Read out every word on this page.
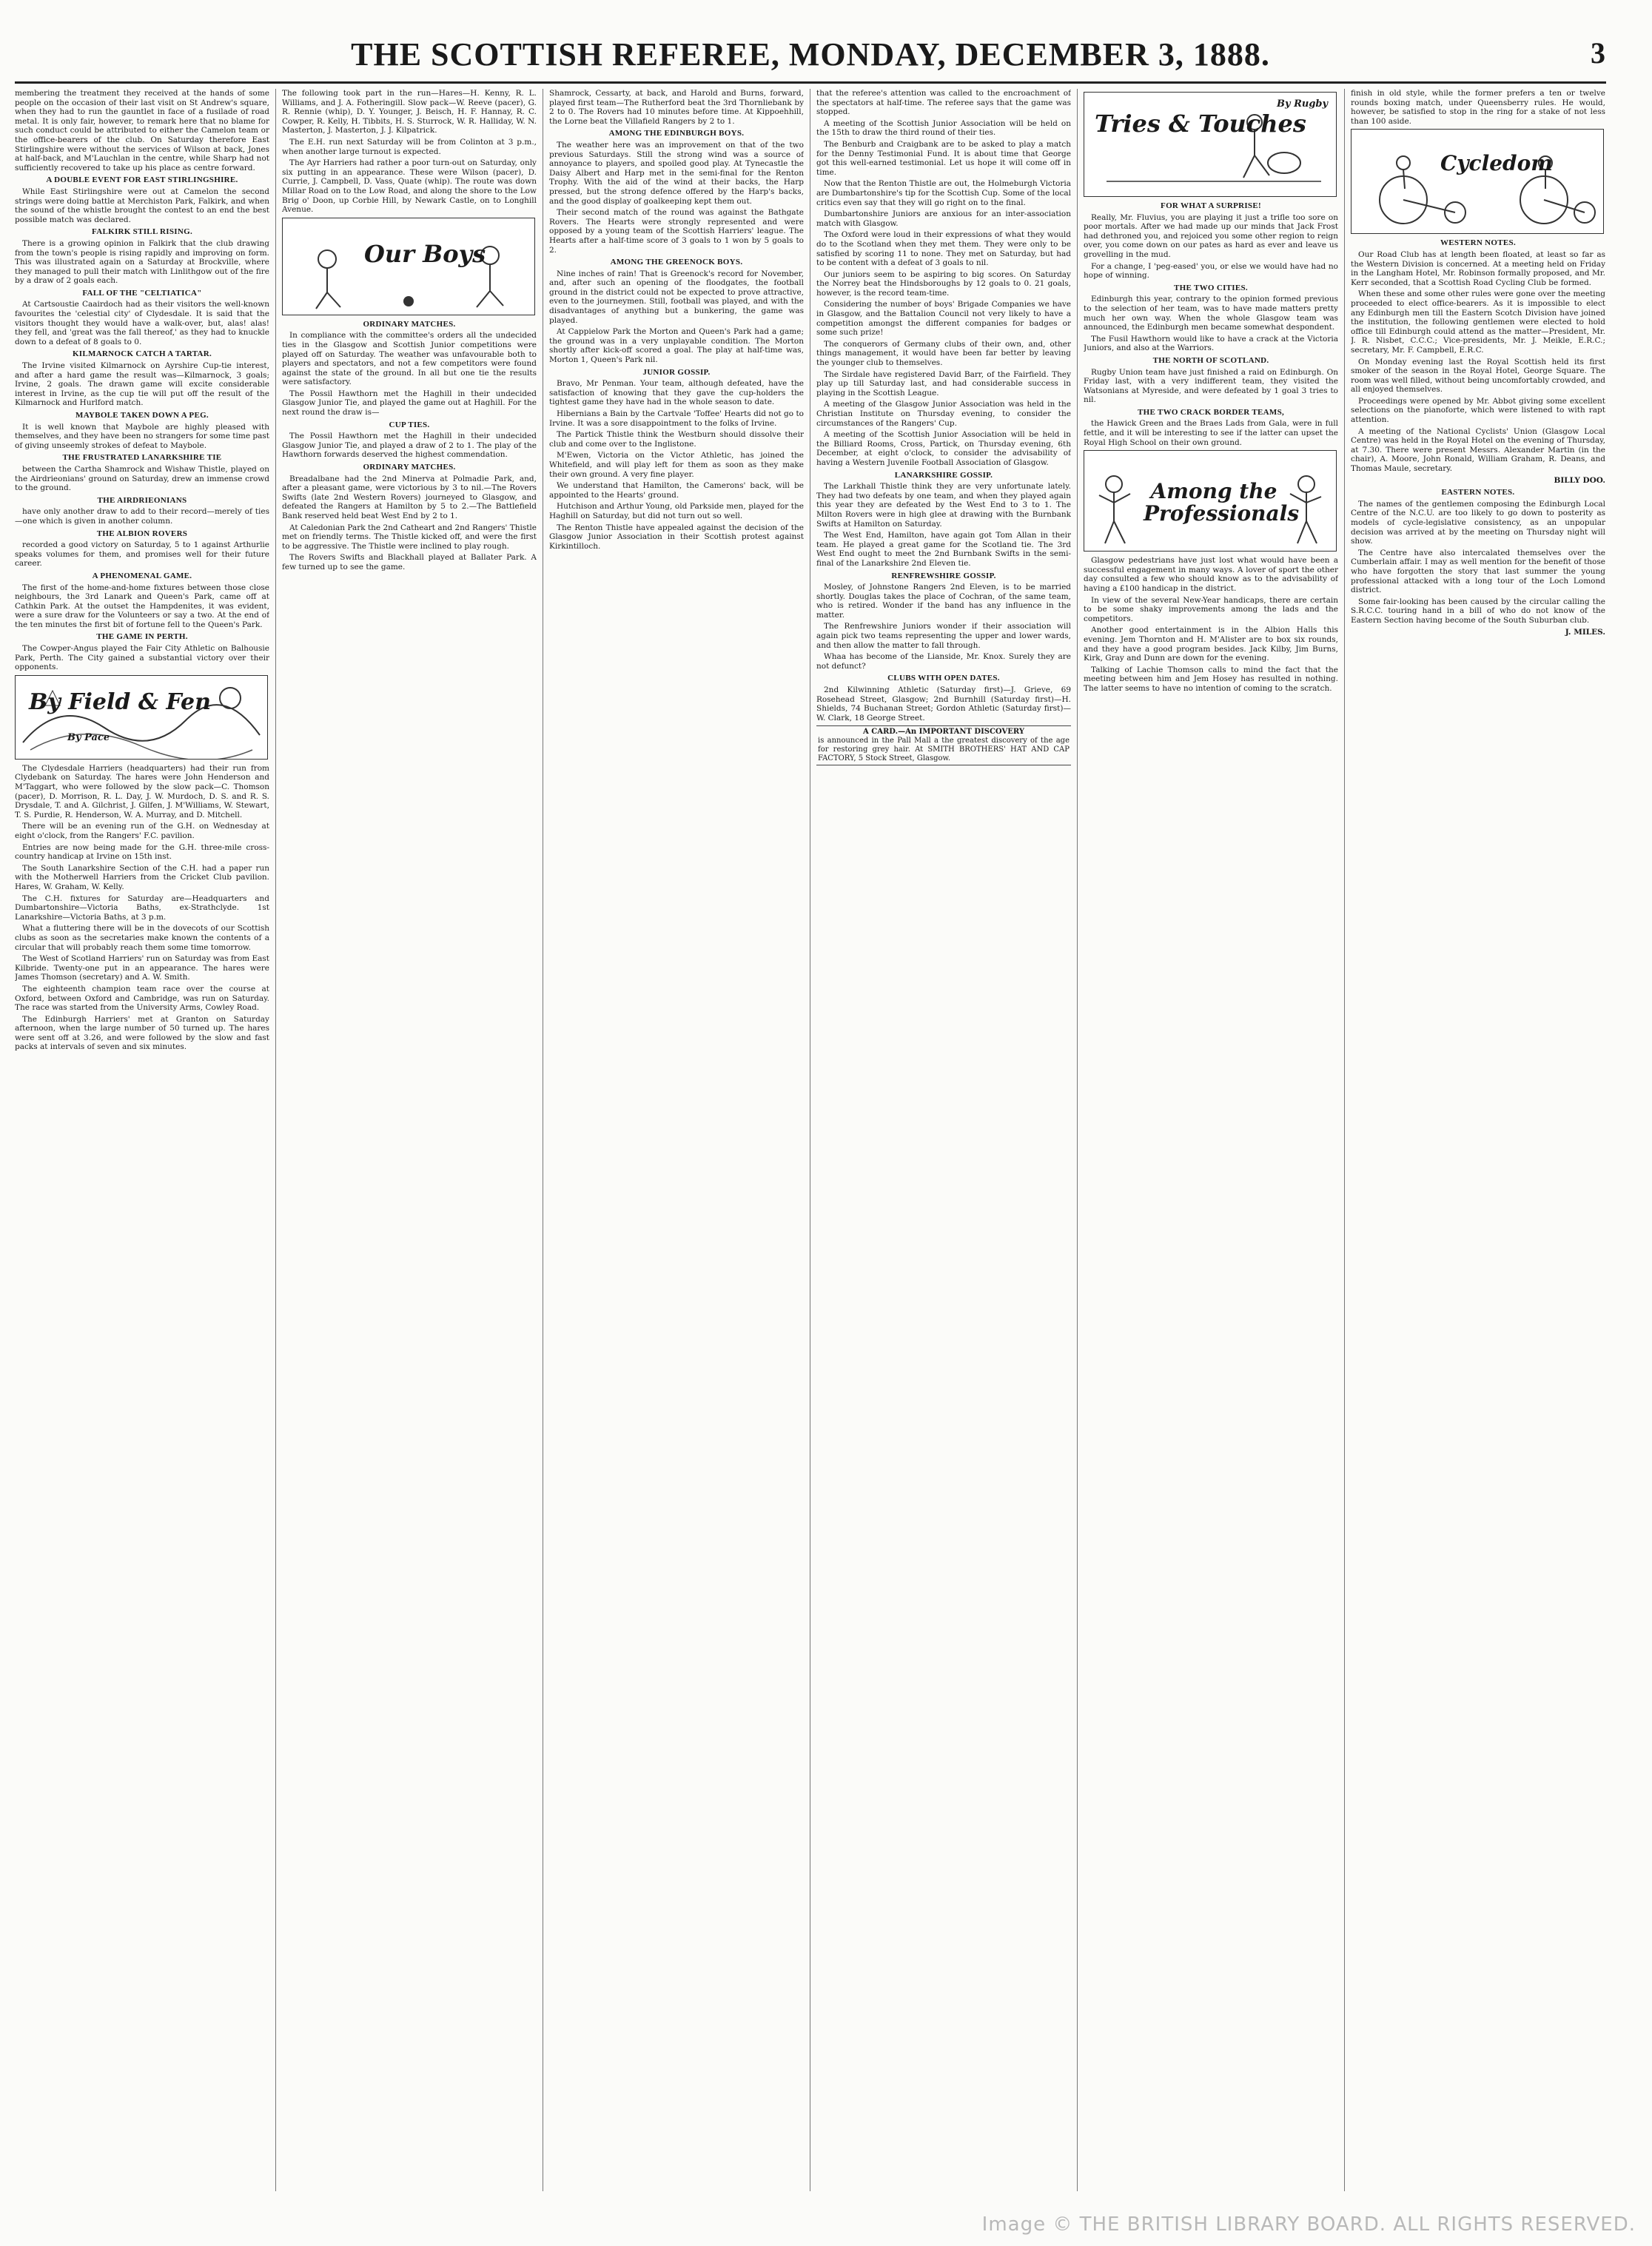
THE SCOTTISH REFEREE, MONDAY, DECEMBER 3, 1888.	3

membering the treatment they received at the hands of some people on the occasion of their last visit on St Andrew's square, when they had to run the gauntlet in face of a fusilade of road metal. It is only fair, however, to remark here that no blame for such conduct could be attributed to either the Camelon team or the office-bearers of the club. On Saturday therefore East Stirlingshire were without the services of Wilson at back, Jones at half-back, and M'Lauchlan in the centre, while Sharp had not sufficiently recovered to take up his place as centre forward.

A DOUBLE EVENT FOR EAST STIRLINGSHIRE.

While East Stirlingshire were out at Camelon the second strings were doing battle at Merchiston Park, Falkirk, and when the sound of the whistle brought the contest to an end the best possible match was declared.

FALKIRK STILL RISING.

There is a growing opinion in Falkirk that the club drawing from the town's people is rising rapidly and improving on form. This was illustrated again on a Saturday at Brockville, where they managed to pull their match with Linlithgow out of the fire by a draw of 2 goals each.

FALL OF THE "CELTIATICA"

At Cartsoustie Caairdoch had as their visitors the well-known favourites the 'celestial city' of Clydesdale. It is said that the visitors thought they would have a walk-over, but, alas! alas! they fell, and 'great was the fall thereof,' as they had to knuckle down to a defeat of 8 goals to 0.

KILMARNOCK CATCH A TARTAR.

The Irvine visited Kilmarnock on Ayrshire Cup-tie interest, and after a hard game the result was—Kilmarnock, 3 goals; Irvine, 2 goals. The drawn game will excite considerable interest in Irvine, as the cup tie will put off the result of the Kilmarnock and Hurlford match.

MAYBOLE TAKEN DOWN A PEG.

It is well known that Maybole are highly pleased with themselves, and they have been no strangers for some time past of giving unseemly strokes of defeat to Maybole.

THE FRUSTRATED LANARKSHIRE TIE

between the Cartha Shamrock and Wishaw Thistle, played on the Airdrieonians' ground on Saturday, drew an immense crowd to the ground.

THE AIRDRIEONIANS

have only another draw to add to their record—merely of ties—one which is given in another column.

THE ALBION ROVERS

recorded a good victory on Saturday, 5 to 1 against Arthurlie speaks volumes for them, and promises well for their future career.

A PHENOMENAL GAME.

The first of the home-and-home fixtures between those close neighbours, the 3rd Lanark and Queen's Park, came off at Cathkin Park. At the outset the Hampdenites, it was evident, were a sure draw for the Volunteers or say a two. At the end of the ten minutes the first bit of fortune fell to the Queen's Park.

THE GAME IN PERTH.

The Cowper-Angus played the Fair City Athletic on Balhousie Park, Perth. The City gained a substantial victory over their opponents.

By Field & Fen
By Pace

The Clydesdale Harriers (headquarters) had their run from Clydebank on Saturday. The hares were John Henderson and M'Taggart, who were followed by the slow pack—C. Thomson (pacer), D. Morrison, R. L. Day, J. W. Murdoch, D. S. and R. S. Drysdale, T. and A. Gilchrist, J. Gilfen, J. M'Williams, W. Stewart, T. S. Purdie, R. Henderson, W. A. Murray, and D. Mitchell.

There will be an evening run of the G.H. on Wednesday at eight o'clock, from the Rangers' F.C. pavilion.

Entries are now being made for the G.H. three-mile cross-country handicap at Irvine on 15th inst.

The South Lanarkshire Section of the C.H. had a paper run with the Motherwell Harriers from the Cricket Club pavilion. Hares, W. Graham, W. Kelly.

The C.H. fixtures for Saturday are—Headquarters and Dumbartonshire—Victoria Baths, ex-Strathclyde. 1st Lanarkshire—Victoria Baths, at 3 p.m.

What a fluttering there will be in the dovecots of our Scottish clubs as soon as the secretaries make known the contents of a circular that will probably reach them some time tomorrow.

The West of Scotland Harriers' run on Saturday was from East Kilbride. Twenty-one put in an appearance. The hares were James Thomson (secretary) and A. W. Smith.

The eighteenth champion team race over the course at Oxford, between Oxford and Cambridge, was run on Saturday. The race was started from the University Arms, Cowley Road.

The Edinburgh Harriers' met at Granton on Saturday afternoon, when the large number of 50 turned up. The hares were sent off at 3.26, and were followed by the slow and fast packs at intervals of seven and six minutes.

The following took part in the run—Hares—H. Kenny, R. L. Williams, and J. A. Fotheringill. Slow pack—W. Reeve (pacer), G. R. Rennie (whip), D. Y. Younger, J. Beisch, H. F. Hannay, R. C. Cowper, R. Kelly, H. Tibbits, H. S. Sturrock, W. R. Halliday, W. N. Masterton, J. Masterton, J. J. Kilpatrick.

The E.H. run next Saturday will be from Colinton at 3 p.m., when another large turnout is expected.

The Ayr Harriers had rather a poor turn-out on Saturday, only six putting in an appearance. These were Wilson (pacer), D. Currie, J. Campbell, D. Vass, Quate (whip). The route was down Millar Road on to the Low Road, and along the shore to the Low Brig o' Doon, up Corbie Hill, by Newark Castle, on to Longhill Avenue.

Our Boys
ORDINARY MATCHES.

In compliance with the committee's orders all the undecided ties in the Glasgow and Scottish Junior competitions were played off on Saturday. The weather was unfavourable both to players and spectators, and not a few competitors were found against the state of the ground. In all but one tie the results were satisfactory.

The Possil Hawthorn met the Haghill in their undecided Glasgow Junior Tie, and played the game out at Haghill. For the next round the draw is—

CUP TIES.

The Possil Hawthorn met the Haghill in their undecided Glasgow Junior Tie, and played a draw of 2 to 1. The play of the Hawthorn forwards deserved the highest commendation.

ORDINARY MATCHES.

Breadalbane had the 2nd Minerva at Polmadie Park, and, after a pleasant game, were victorious by 3 to nil.—The Rovers Swifts (late 2nd Western Rovers) journeyed to Glasgow, and defeated the Rangers at Hamilton by 5 to 2.—The Battlefield Bank reserved held beat West End by 2 to 1.

At Caledonian Park the 2nd Catheart and 2nd Rangers' Thistle met on friendly terms. The Thistle kicked off, and were the first to be aggressive. The Thistle were inclined to play rough.

The Rovers Swifts and Blackhall played at Ballater Park. A few turned up to see the game.

Shamrock, Cessarty, at back, and Harold and Burns, forward, played first team—The Rutherford beat the 3rd Thornliebank by 2 to 0. The Rovers had 10 minutes before time. At Kippoehhill, the Lorne beat the Villafield Rangers by 2 to 1.

AMONG THE EDINBURGH BOYS.

The weather here was an improvement on that of the two previous Saturdays. Still the strong wind was a source of annoyance to players, and spoiled good play. At Tynecastle the Daisy Albert and Harp met in the semi-final for the Renton Trophy. With the aid of the wind at their backs, the Harp pressed, but the strong defence offered by the Harp's backs, and the good display of goalkeeping kept them out.

Their second match of the round was against the Bathgate Rovers. The Hearts were strongly represented and were opposed by a young team of the Scottish Harriers' league. The Hearts after a half-time score of 3 goals to 1 won by 5 goals to 2.

AMONG THE GREENOCK BOYS.

Nine inches of rain! That is Greenock's record for November, and, after such an opening of the floodgates, the football ground in the district could not be expected to prove attractive, even to the journeymen. Still, football was played, and with the disadvantages of anything but a bunkering, the game was played.

At Cappielow Park the Morton and Queen's Park had a game; the ground was in a very unplayable condition. The Morton shortly after kick-off scored a goal. The play at half-time was, Morton 1, Queen's Park nil.

JUNIOR GOSSIP.

Bravo, Mr Penman. Your team, although defeated, have the satisfaction of knowing that they gave the cup-holders the tightest game they have had in the whole season to date.

Hibernians a Bain by the Cartvale 'Toffee' Hearts did not go to Irvine. It was a sore disappointment to the folks of Irvine.

The Partick Thistle think the Westburn should dissolve their club and come over to the Inglistone.

M'Ewen, Victoria on the Victor Athletic, has joined the Whitefield, and will play left for them as soon as they make their own ground. A very fine player.

We understand that Hamilton, the Camerons' back, will be appointed to the Hearts' ground.

Hutchison and Arthur Young, old Parkside men, played for the Haghill on Saturday, but did not turn out so well.

The Renton Thistle have appealed against the decision of the Glasgow Junior Association in their Scottish protest against Kirkintilloch.

that the referee's attention was called to the encroachment of the spectators at half-time. The referee says that the game was stopped.

A meeting of the Scottish Junior Association will be held on the 15th to draw the third round of their ties.

The Benburb and Craigbank are to be asked to play a match for the Denny Testimonial Fund. It is about time that George got this well-earned testimonial. Let us hope it will come off in time.

Now that the Renton Thistle are out, the Holmeburgh Victoria are Dumbartonshire's tip for the Scottish Cup. Some of the local critics even say that they will go right on to the final.

Dumbartonshire Juniors are anxious for an inter-association match with Glasgow.

The Oxford were loud in their expressions of what they would do to the Scotland when they met them. They were only to be satisfied by scoring 11 to none. They met on Saturday, but had to be content with a defeat of 3 goals to nil.

Our juniors seem to be aspiring to big scores. On Saturday the Norrey beat the Hindsboroughs by 12 goals to 0. 21 goals, however, is the record team-time.

Considering the number of boys' Brigade Companies we have in Glasgow, and the Battalion Council not very likely to have a competition amongst the different companies for badges or some such prize!

The conquerors of Germany clubs of their own, and, other things management, it would have been far better by leaving the younger club to themselves.

The Sirdale have registered David Barr, of the Fairfield. They play up till Saturday last, and had considerable success in playing in the Scottish League.

A meeting of the Glasgow Junior Association was held in the Christian Institute on Thursday evening, to consider the circumstances of the Rangers' Cup.

A meeting of the Scottish Junior Association will be held in the Billiard Rooms, Cross, Partick, on Thursday evening, 6th December, at eight o'clock, to consider the advisability of having a Western Juvenile Football Association of Glasgow.

LANARKSHIRE GOSSIP.

The Larkhall Thistle think they are very unfortunate lately. They had two defeats by one team, and when they played again this year they are defeated by the West End to 3 to 1. The Milton Rovers were in high glee at drawing with the Burnbank Swifts at Hamilton on Saturday.

The West End, Hamilton, have again got Tom Allan in their team. He played a great game for the Scotland tie. The 3rd West End ought to meet the 2nd Burnbank Swifts in the semi-final of the Lanarkshire 2nd Eleven tie.

RENFREWSHIRE GOSSIP.

Mosley, of Johnstone Rangers 2nd Eleven, is to be married shortly. Douglas takes the place of Cochran, of the same team, who is retired. Wonder if the band has any influence in the matter.

The Renfrewshire Juniors wonder if their association will again pick two teams representing the upper and lower wards, and then allow the matter to fall through.

Whaa has become of the Lianside, Mr. Knox. Surely they are not defunct?

CLUBS WITH OPEN DATES.

2nd Kilwinning Athletic (Saturday first)—J. Grieve, 69 Rosehead Street, Glasgow; 2nd Burnhill (Saturday first)—H. Shields, 74 Buchanan Street; Gordon Athletic (Saturday first)—W. Clark, 18 George Street.

A CARD.—An IMPORTANT DISCOVERY
is announced in the Pall Mall a the greatest discovery of the age for restoring grey hair. At SMITH BROTHERS' HAT AND CAP FACTORY, 5 Stock Street, Glasgow.
Tries & Touches
By Rugby
FOR WHAT A SURPRISE!

Really, Mr. Fluvius, you are playing it just a trifle too sore on poor mortals. After we had made up our minds that Jack Frost had dethroned you, and rejoiced you some other region to reign over, you come down on our pates as hard as ever and leave us grovelling in the mud.

For a change, I 'peg-eased' you, or else we would have had no hope of winning.

THE TWO CITIES.

Edinburgh this year, contrary to the opinion formed previous to the selection of her team, was to have made matters pretty much her own way. When the whole Glasgow team was announced, the Edinburgh men became somewhat despondent.

The Fusil Hawthorn would like to have a crack at the Victoria Juniors, and also at the Warriors.

THE NORTH OF SCOTLAND.

Rugby Union team have just finished a raid on Edinburgh. On Friday last, with a very indifferent team, they visited the Watsonians at Myreside, and were defeated by 1 goal 3 tries to nil.

THE TWO CRACK BORDER TEAMS,

the Hawick Green and the Braes Lads from Gala, were in full fettle, and it will be interesting to see if the latter can upset the Royal High School on their own ground.

Among the Professionals

Glasgow pedestrians have just lost what would have been a successful engagement in many ways. A lover of sport the other day consulted a few who should know as to the advisability of having a £100 handicap in the district.

In view of the several New-Year handicaps, there are certain to be some shaky improvements among the lads and the competitors.

Another good entertainment is in the Albion Halls this evening. Jem Thornton and H. M'Alister are to box six rounds, and they have a good program besides. Jack Kilby, Jim Burns, Kirk, Gray and Dunn are down for the evening.

Talking of Lachie Thomson calls to mind the fact that the meeting between him and Jem Hosey has resulted in nothing. The latter seems to have no intention of coming to the scratch.

finish in old style, while the former prefers a ten or twelve rounds boxing match, under Queensberry rules. He would, however, be satisfied to stop in the ring for a stake of not less than 100 aside.

Cycledom
WESTERN NOTES.

Our Road Club has at length been floated, at least so far as the Western Division is concerned. At a meeting held on Friday in the Langham Hotel, Mr. Robinson formally proposed, and Mr. Kerr seconded, that a Scottish Road Cycling Club be formed.

When these and some other rules were gone over the meeting proceeded to elect office-bearers. As it is impossible to elect any Edinburgh men till the Eastern Scotch Division have joined the institution, the following gentlemen were elected to hold office till Edinburgh could attend as the matter—President, Mr. J. R. Nisbet, C.C.C.; Vice-presidents, Mr. J. Meikle, E.R.C.; secretary, Mr. F. Campbell, E.R.C.

On Monday evening last the Royal Scottish held its first smoker of the season in the Royal Hotel, George Square. The room was well filled, without being uncomfortably crowded, and all enjoyed themselves.

Proceedings were opened by Mr. Abbot giving some excellent selections on the pianoforte, which were listened to with rapt attention.

A meeting of the National Cyclists' Union (Glasgow Local Centre) was held in the Royal Hotel on the evening of Thursday, at 7.30. There were present Messrs. Alexander Martin (in the chair), A. Moore, John Ronald, William Graham, R. Deans, and Thomas Maule, secretary.

BILLY DOO.
EASTERN NOTES.

The names of the gentlemen composing the Edinburgh Local Centre of the N.C.U. are too likely to go down to posterity as models of cycle-legislative consistency, as an unpopular decision was arrived at by the meeting on Thursday night will show.

The Centre have also intercalated themselves over the Cumberlain affair. I may as well mention for the benefit of those who have forgotten the story that last summer the young professional attacked with a long tour of the Loch Lomond district.

Some fair-looking has been caused by the circular calling the S.R.C.C. touring hand in a bill of who do not know of the Eastern Section having become of the South Suburban club.

J. MILES.
Image © THE BRITISH LIBRARY BOARD. ALL RIGHTS RESERVED.
